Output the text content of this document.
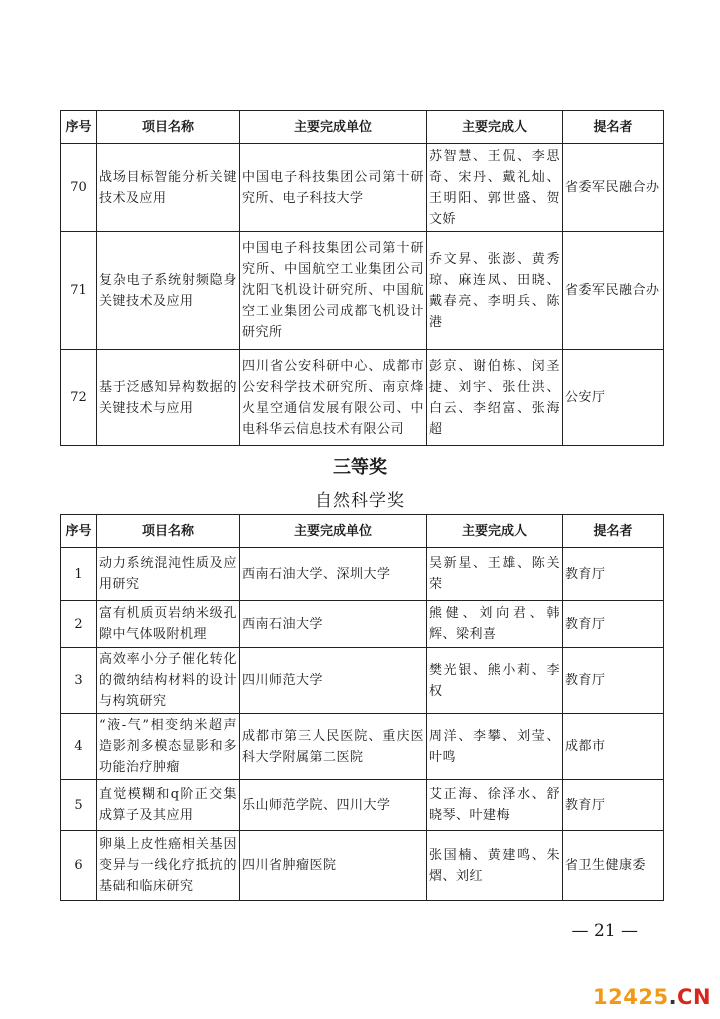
序号	项目名称	主要完成单位	主要完成人	提名者
70	战场目标智能分析关键技术及应用	中国电子科技集团公司第十研究所、电子科技大学	苏智慧、王侃、李思奇、宋丹、戴礼灿、王明阳、郭世盛、贺文娇	省委军民融合办
71	复杂电子系统射频隐身关键技术及应用	中国电子科技集团公司第十研究所、中国航空工业集团公司沈阳飞机设计研究所、中国航空工业集团公司成都飞机设计研究所	乔文昇、张澎、黄秀琼、麻连凤、田晓、戴春亮、李明兵、陈港	省委军民融合办
72	基于泛感知异构数据的关键技术与应用	四川省公安科研中心、成都市公安科学技术研究所、南京烽火星空通信发展有限公司、中电科华云信息技术有限公司	彭京、谢伯栋、闵圣捷、刘宇、张仕洪、白云、李绍富、张海超	公安厅
三等奖
自然科学奖
序号	项目名称	主要完成单位	主要完成人	提名者
1	动力系统混沌性质及应用研究	西南石油大学、深圳大学	吴新星、王雄、陈关荣	教育厅
2	富有机质页岩纳米级孔隙中气体吸附机理	西南石油大学	熊健、刘向君、韩辉、梁利喜	教育厅
3	高效率小分子催化转化的微纳结构材料的设计与构筑研究	四川师范大学	樊光银、熊小莉、李权	教育厅
4	“液-气”相变纳米超声造影剂多模态显影和多功能治疗肿瘤	成都市第三人民医院、重庆医科大学附属第二医院	周洋、李攀、刘莹、叶鸣	成都市
5	直觉模糊和q阶正交集成算子及其应用	乐山师范学院、四川大学	艾正海、徐泽水、舒晓琴、叶建梅	教育厅
6	卵巢上皮性癌相关基因变异与一线化疗抵抗的基础和临床研究	四川省肿瘤医院	张国楠、黄建鸣、朱熠、刘红	省卫生健康委
— 21 —
12425.CN
